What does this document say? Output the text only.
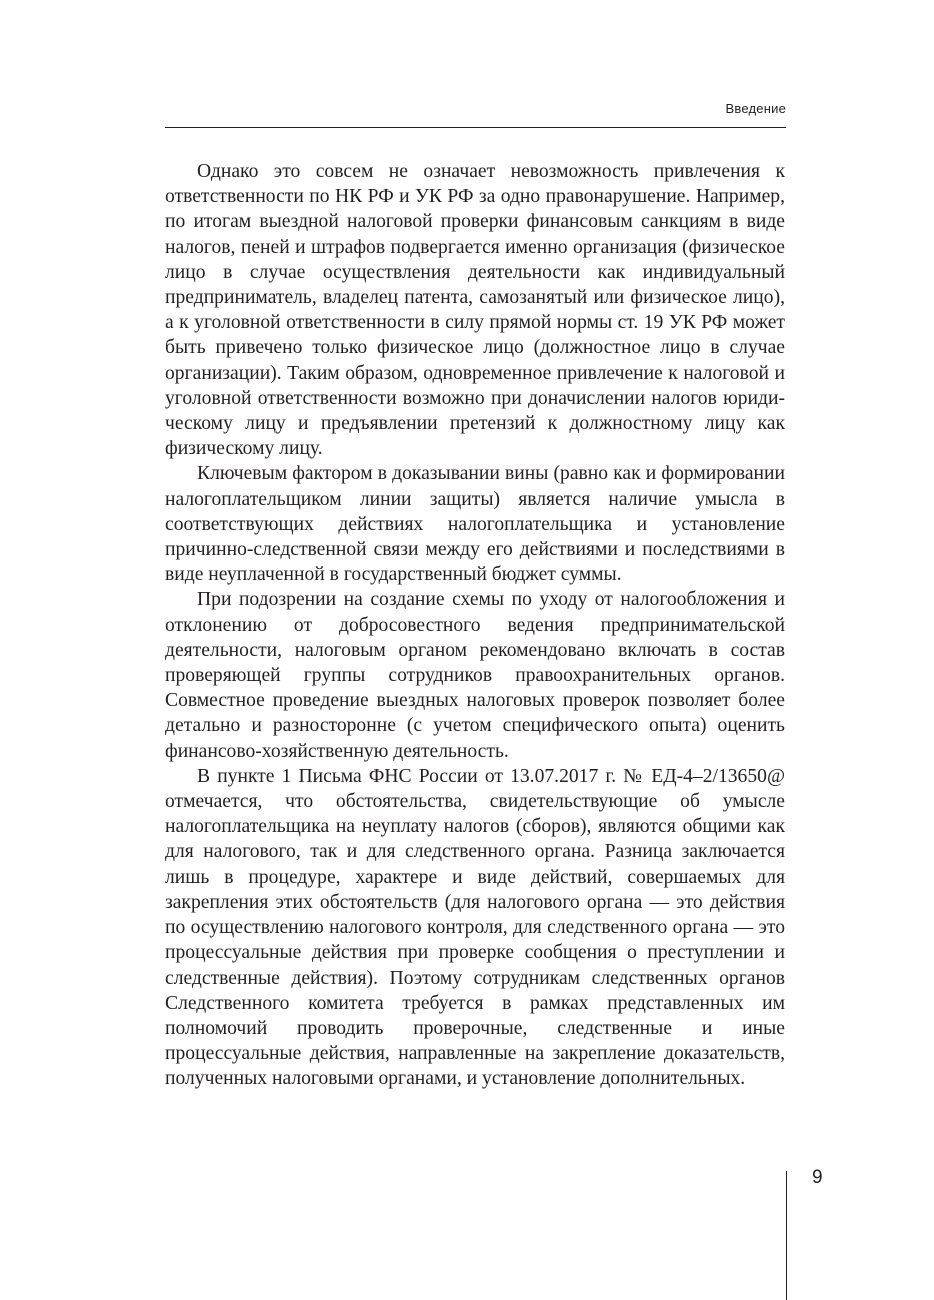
Введение

Однако это совсем не означает невозможность привлечения к ответственности по НК РФ и УК РФ за одно правонарушение. Например, по итогам выездной налоговой проверки финансовым санкциям в виде налогов, пеней и штрафов подвергается именно организация (физическое лицо в случае осуществления деятельности как индивидуальный предприниматель, владелец патента, самозанятый или физическое лицо), а к уголовной ответственности в силу прямой нормы ст. 19 УК РФ может быть привечено только физическое лицо (должностное лицо в случае организации). Таким образом, одновременное привлечение к налоговой и уголовной ответственности возможно при доначислении налогов юридическому лицу и предъявлении претензий к должностному лицу как физическому лицу.

Ключевым фактором в доказывании вины (равно как и формировании налогоплательщиком линии защиты) является наличие умысла в соответствующих действиях налогоплательщика и установление причинно-следственной связи между его действиями и последствиями в виде неуплаченной в государственный бюджет суммы.

При подозрении на создание схемы по уходу от налогообложения и отклонению от добросовестного ведения предпринимательской деятельности, налоговым органом рекомендовано включать в состав проверяющей группы сотрудников правоохранительных органов. Совместное проведение выездных налоговых проверок позволяет более детально и разносторонне (с учетом специфического опыта) оценить финансово-хозяйственную деятельность.

В пункте 1 Письма ФНС России от 13.07.2017 г. № ЕД-4–2/13650@ отмечается, что обстоятельства, свидетельствующие об умысле налогоплательщика на неуплату налогов (сборов), являются общими как для налогового, так и для следственного органа. Разница заключается лишь в процедуре, характере и виде действий, совершаемых для закрепления этих обстоятельств (для налогового органа — это действия по осуществлению налогового контроля, для следственного органа — это процессуальные действия при проверке сообщения о преступлении и следственные действия). Поэтому сотрудникам следственных органов Следственного комитета требуется в рамках представленных им полномочий проводить проверочные, следственные и иные процессуальные действия, направленные на закрепление доказательств, полученных налоговыми органами, и установление дополнительных.

9
